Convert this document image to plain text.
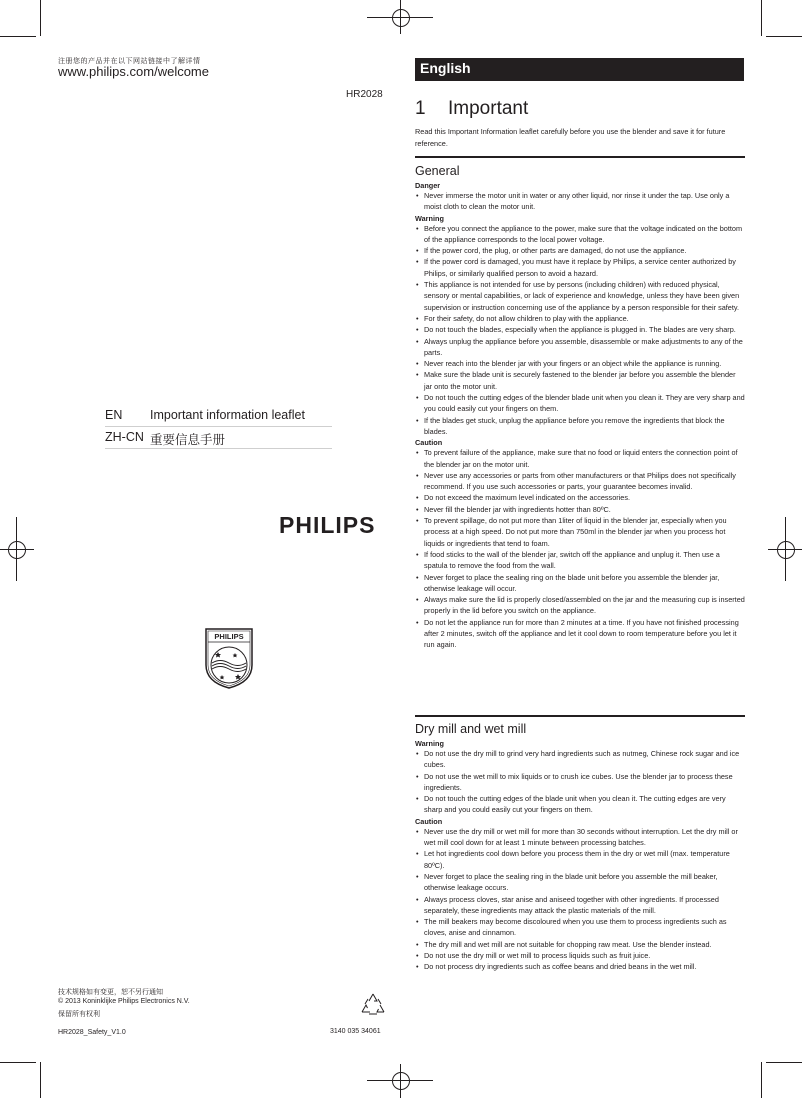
注册您的产品并在以下网站链接中了解详情
www.philips.com/welcome
HR2028
EN Important information leaflet
ZH-CN 重要信息手册
PHILIPS
PHILIPS
技术规格如有变更，恕不另行通知
© 2013 Koninklijke Philips Electronics N.V.
保留所有权利
HR2028_Safety_V1.0	3140 035 34061
English
1 Important
Read this Important Information leaflet carefully before you use the blender and save it for future reference.
General
Danger
• Never immerse the motor unit in water or any other liquid, nor rinse it under the tap. Use only a moist cloth to clean the motor unit.
Warning
• Before you connect the appliance to the power, make sure that the voltage indicated on the bottom of the appliance corresponds to the local power voltage.
• If the power cord, the plug, or other parts are damaged, do not use the appliance.
• If the power cord is damaged, you must have it replace by Philips, a service center authorized by Philips, or similarly qualified person to avoid a hazard.
• This appliance is not intended for use by persons (including children) with reduced physical, sensory or mental capabilities, or lack of experience and knowledge, unless they have been given supervision or instruction concerning use of the appliance by a person responsible for their safety.
• For their safety, do not allow children to play with the appliance.
• Do not touch the blades, especially when the appliance is plugged in. The blades are very sharp.
• Always unplug the appliance before you assemble, disassemble or make adjustments to any of the parts.
• Never reach into the blender jar with your fingers or an object while the appliance is running.
• Make sure the blade unit is securely fastened to the blender jar before you assemble the blender jar onto the motor unit.
• Do not touch the cutting edges of the blender blade unit when you clean it. They are very sharp and you could easily cut your fingers on them.
• If the blades get stuck, unplug the appliance before you remove the ingredients that block the blades.
Caution
• To prevent failure of the appliance, make sure that no food or liquid enters the connection point of the blender jar on the motor unit.
• Never use any accessories or parts from other manufacturers or that Philips does not specifically recommend. If you use such accessories or parts, your guarantee becomes invalid.
• Do not exceed the maximum level indicated on the accessories.
• Never fill the blender jar with ingredients hotter than 80ºC.
• To prevent spillage, do not put more than 1liter of liquid in the blender jar, especially when you process at a high speed. Do not put more than 750ml in the blender jar when you process hot liquids or ingredients that tend to foam.
• If food sticks to the wall of the blender jar, switch off the appliance and unplug it. Then use a spatula to remove the food from the wall.
• Never forget to place the sealing ring on the blade unit before you assemble the blender jar, otherwise leakage will occur.
• Always make sure the lid is properly closed/assembled on the jar and the measuring cup is inserted properly in the lid before you switch on the appliance.
• Do not let the appliance run for more than 2 minutes at a time. If you have not finished processing after 2 minutes, switch off the appliance and let it cool down to room temperature before you let it run again.
Dry mill and wet mill
Warning
• Do not use the dry mill to grind very hard ingredients such as nutmeg, Chinese rock sugar and ice cubes.
• Do not use the wet mill to mix liquids or to crush ice cubes. Use the blender jar to process these ingredients.
• Do not touch the cutting edges of the blade unit when you clean it. The cutting edges are very sharp and you could easily cut your fingers on them.
Caution
• Never use the dry mill or wet mill for more than 30 seconds without interruption. Let the dry mill or wet mill cool down for at least 1 minute between processing batches.
• Let hot ingredients cool down before you process them in the dry or wet mill (max. temperature 80ºC).
• Never forget to place the sealing ring in the blade unit before you assemble the mill beaker, otherwise leakage occurs.
• Always process cloves, star anise and aniseed together with other ingredients. If processed separately, these ingredients may attack the plastic materials of the mill.
• The mill beakers may become discoloured when you use them to process ingredients such as cloves, anise and cinnamon.
• The dry mill and wet mill are not suitable for chopping raw meat. Use the blender instead.
• Do not use the dry mill or wet mill to process liquids such as fruit juice.
• Do not process dry ingredients such as coffee beans and dried beans in the wet mill.
